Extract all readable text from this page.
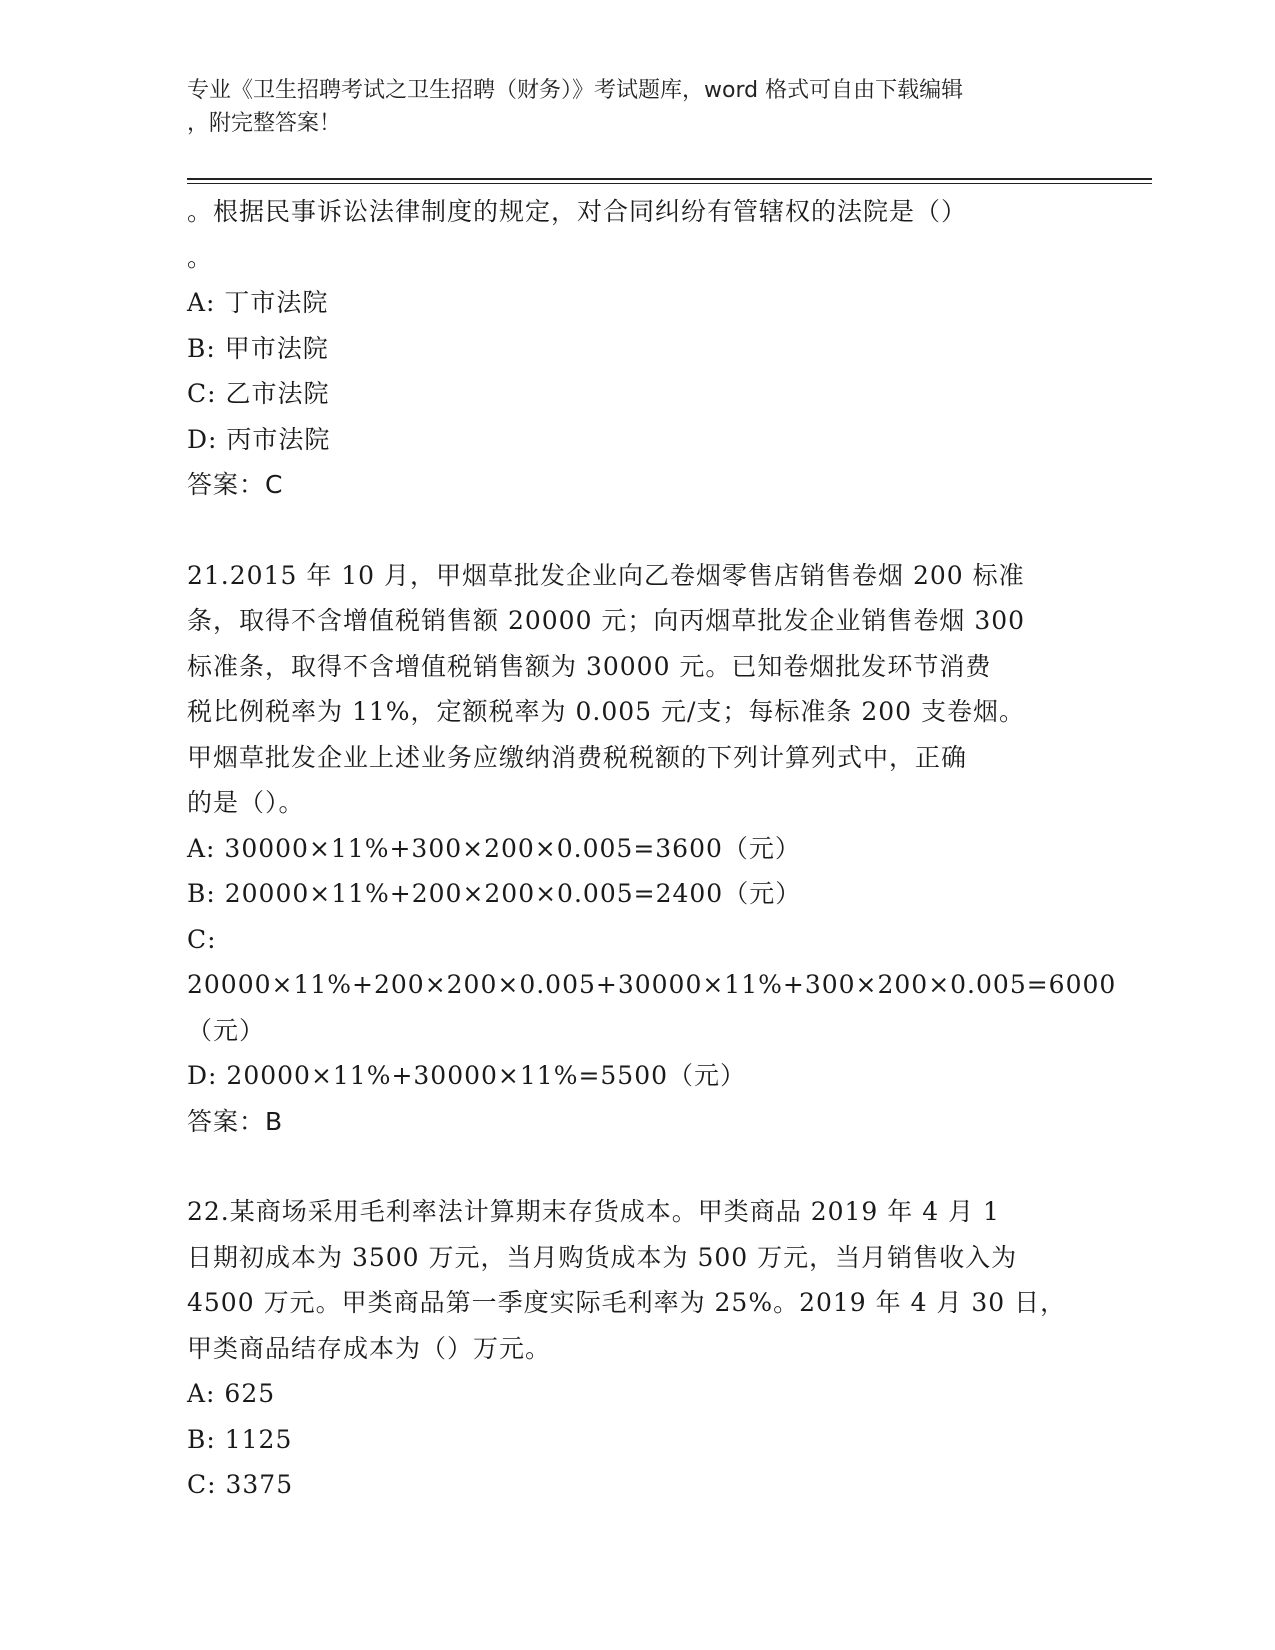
专业《卫生招聘考试之卫生招聘（财务）》考试题库，word 格式可自由下载编辑
，附完整答案！

。根据民事诉讼法律制度的规定，对合同纠纷有管辖权的法院是（）

。

A: 丁市法院

B: 甲市法院

C: 乙市法院

D: 丙市法院

答案：C

21.2015 年 10 月，甲烟草批发企业向乙卷烟零售店销售卷烟 200 标准

条，取得不含增值税销售额 20000 元；向丙烟草批发企业销售卷烟 300

标准条，取得不含增值税销售额为 30000 元。已知卷烟批发环节消费

税比例税率为 11%，定额税率为 0.005 元/支；每标准条 200 支卷烟。

甲烟草批发企业上述业务应缴纳消费税税额的下列计算列式中，正确

的是（）。

A: 30000×11%+300×200×0.005=3600（元）

B: 20000×11%+200×200×0.005=2400（元）

C: 20000×11%+200×200×0.005+30000×11%+300×200×0.005=6000

（元）

D: 20000×11%+30000×11%=5500（元）

答案：B

22.某商场采用毛利率法计算期末存货成本。甲类商品 2019 年 4 月 1

日期初成本为 3500 万元，当月购货成本为 500 万元，当月销售收入为

4500 万元。甲类商品第一季度实际毛利率为 25%。2019 年 4 月 30 日，

甲类商品结存成本为（）万元。

A: 625

B: 1125

C: 3375
